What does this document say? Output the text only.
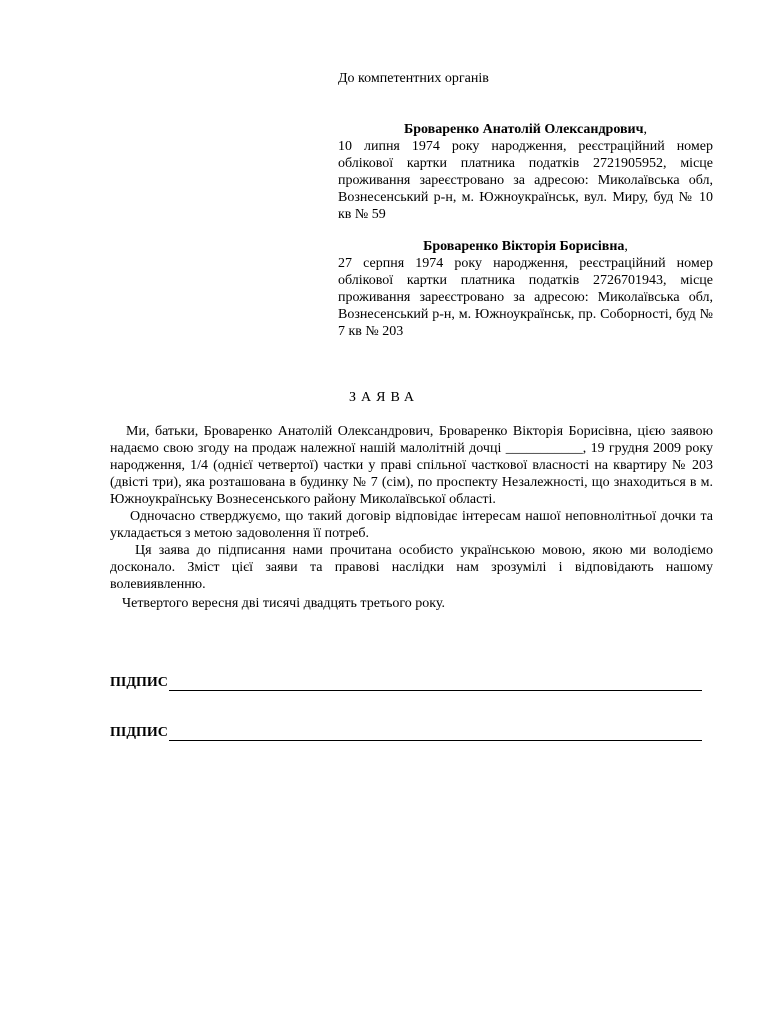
До компетентних органів

Броваренко Анатолій Олександрович,

10 липня 1974 року народження, реєстраційний номер облікової картки платника податків 2721905952, місце проживання зареєстровано за адресою: Миколаївська обл, Вознесенський р-н, м. Южноукраїнськ, вул. Миру, буд № 10 кв № 59

Броваренко Вікторія Борисівна,

27 серпня 1974 року народження, реєстраційний номер облікової картки платника податків 2726701943, місце проживання зареєстровано за адресою: Миколаївська обл, Вознесенський р-н, м. Южноукраїнськ, пр. Соборності, буд № 7 кв № 203

ЗАЯВА

Ми, батьки, Броваренко Анатолій Олександрович, Броваренко Вікторія Борисівна, цією заявою надаємо свою згоду на продаж належної нашій малолітній дочці ___________, 19 грудня 2009 року народження, 1/4 (однієї четвертої) частки у праві спільної часткової власності на квартиру № 203 (двісті три), яка розташована в будинку № 7 (сім), по проспекту Незалежності, що знаходиться в м. Южноукраїнську Вознесенського району Миколаївської області.

Одночасно стверджуємо, що такий договір відповідає інтересам нашої неповнолітньої дочки та укладається з метою задоволення її потреб.

Ця заява до підписання нами прочитана особисто українською мовою, якою ми володіємо досконало. Зміст цієї заяви та правові наслідки нам зрозумілі і відповідають нашому волевиявленню.

Четвертого вересня дві тисячі двадцять третього року.

ПІДПИС
ПІДПИС
